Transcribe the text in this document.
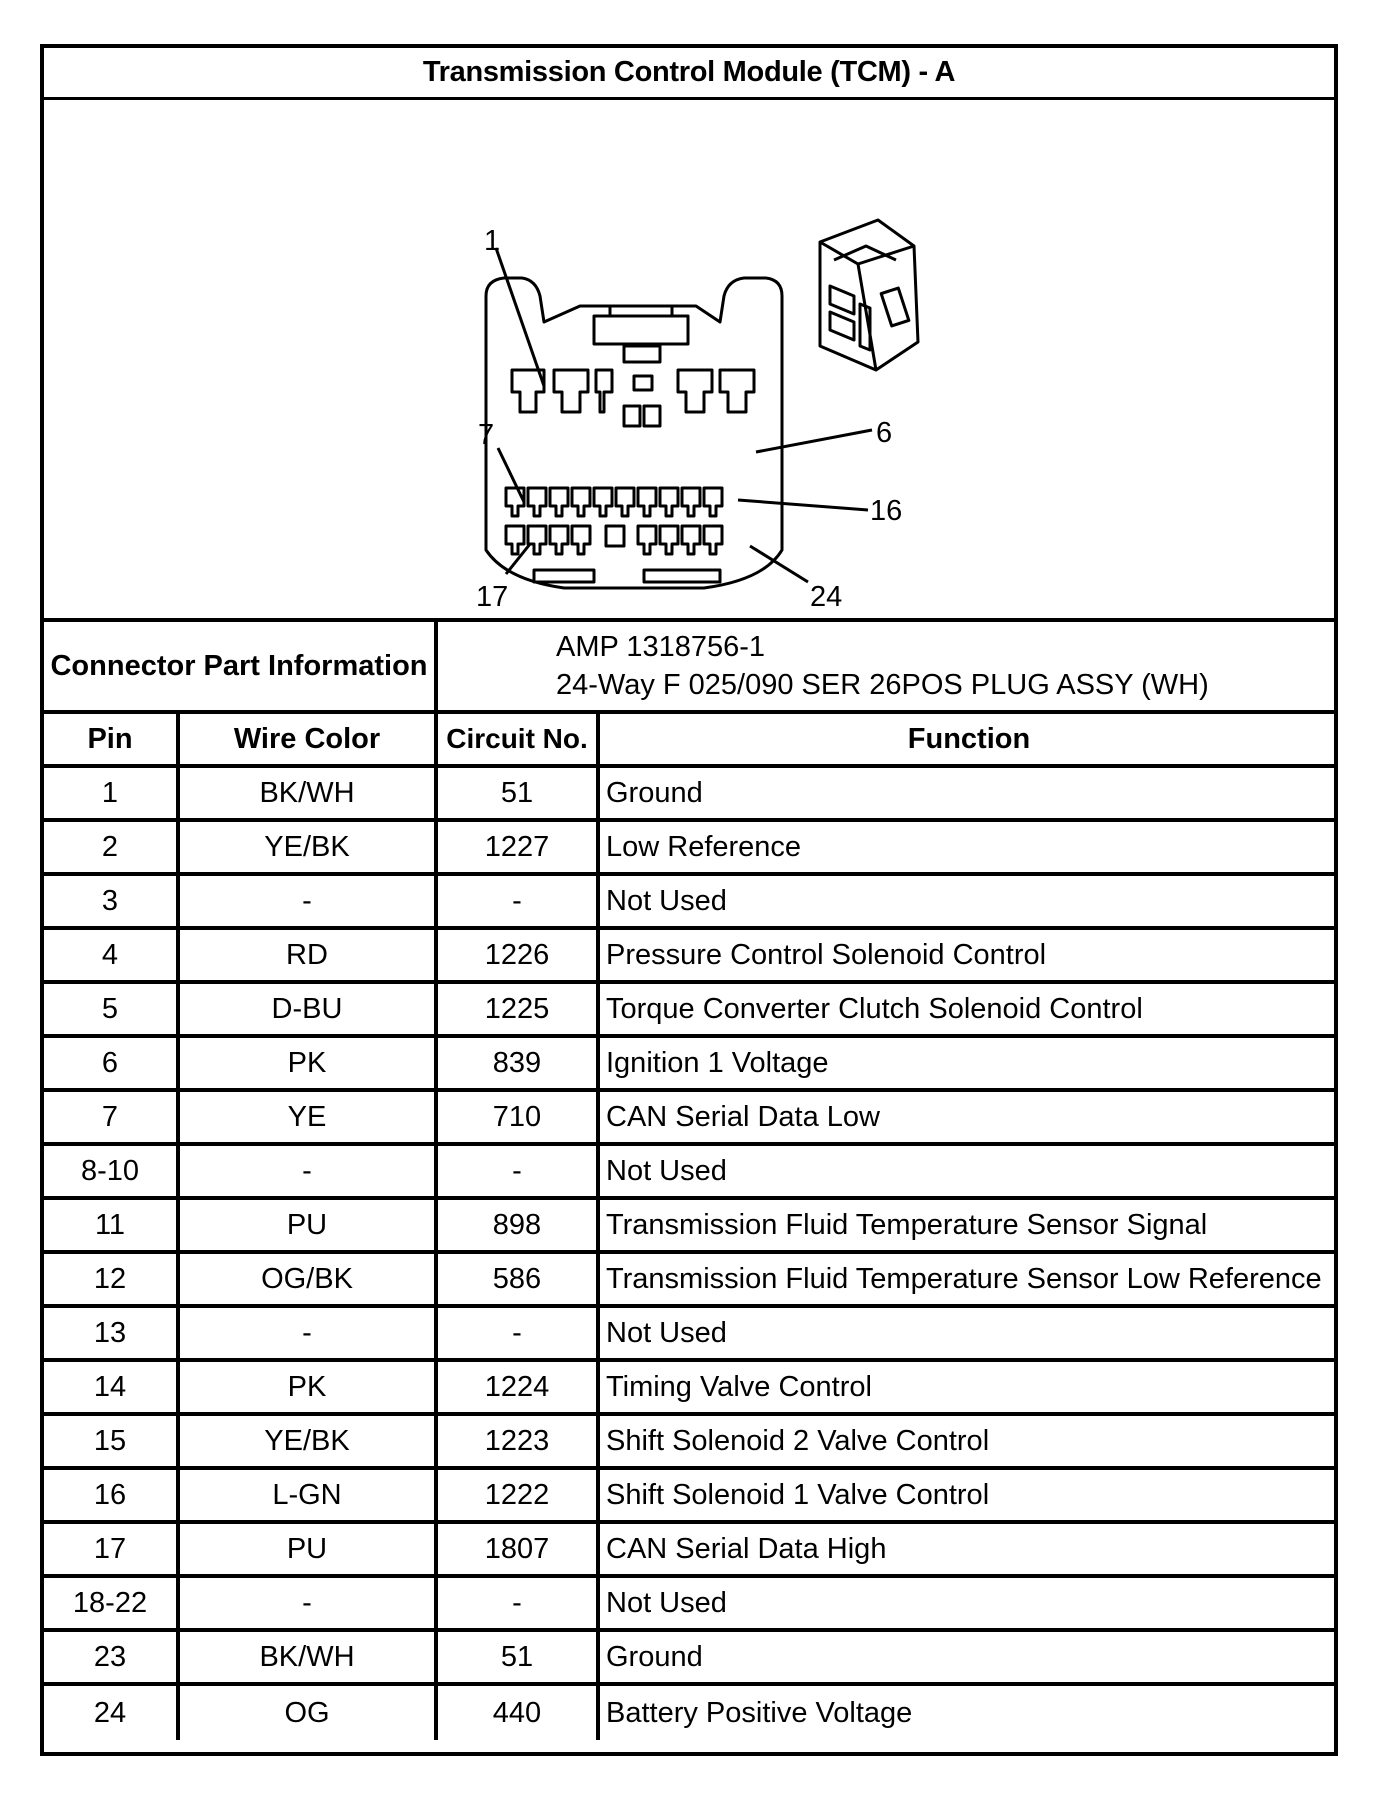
Transmission Control Module (TCM) - A
1
6
7
16
17	24
Connector Part Information
AMP 1318756-1
24-Way F 025/090 SER 26POS PLUG ASSY (WH)
Pin	Wire Color	Circuit No.	Function
1	BK/WH	51	Ground
2	YE/BK	1227	Low Reference
3	-	-	Not Used
4	RD	1226	Pressure Control Solenoid Control
5	D-BU	1225	Torque Converter Clutch Solenoid Control
6	PK	839	Ignition 1 Voltage
7	YE	710	CAN Serial Data Low
8-10	-	-	Not Used
11	PU	898	Transmission Fluid Temperature Sensor Signal
12	OG/BK	586	Transmission Fluid Temperature Sensor Low Reference
13	-	-	Not Used
14	PK	1224	Timing Valve Control
15	YE/BK	1223	Shift Solenoid 2 Valve Control
16	L-GN	1222	Shift Solenoid 1 Valve Control
17	PU	1807	CAN Serial Data High
18-22	-	-	Not Used
23	BK/WH	51	Ground
24	OG	440	Battery Positive Voltage
